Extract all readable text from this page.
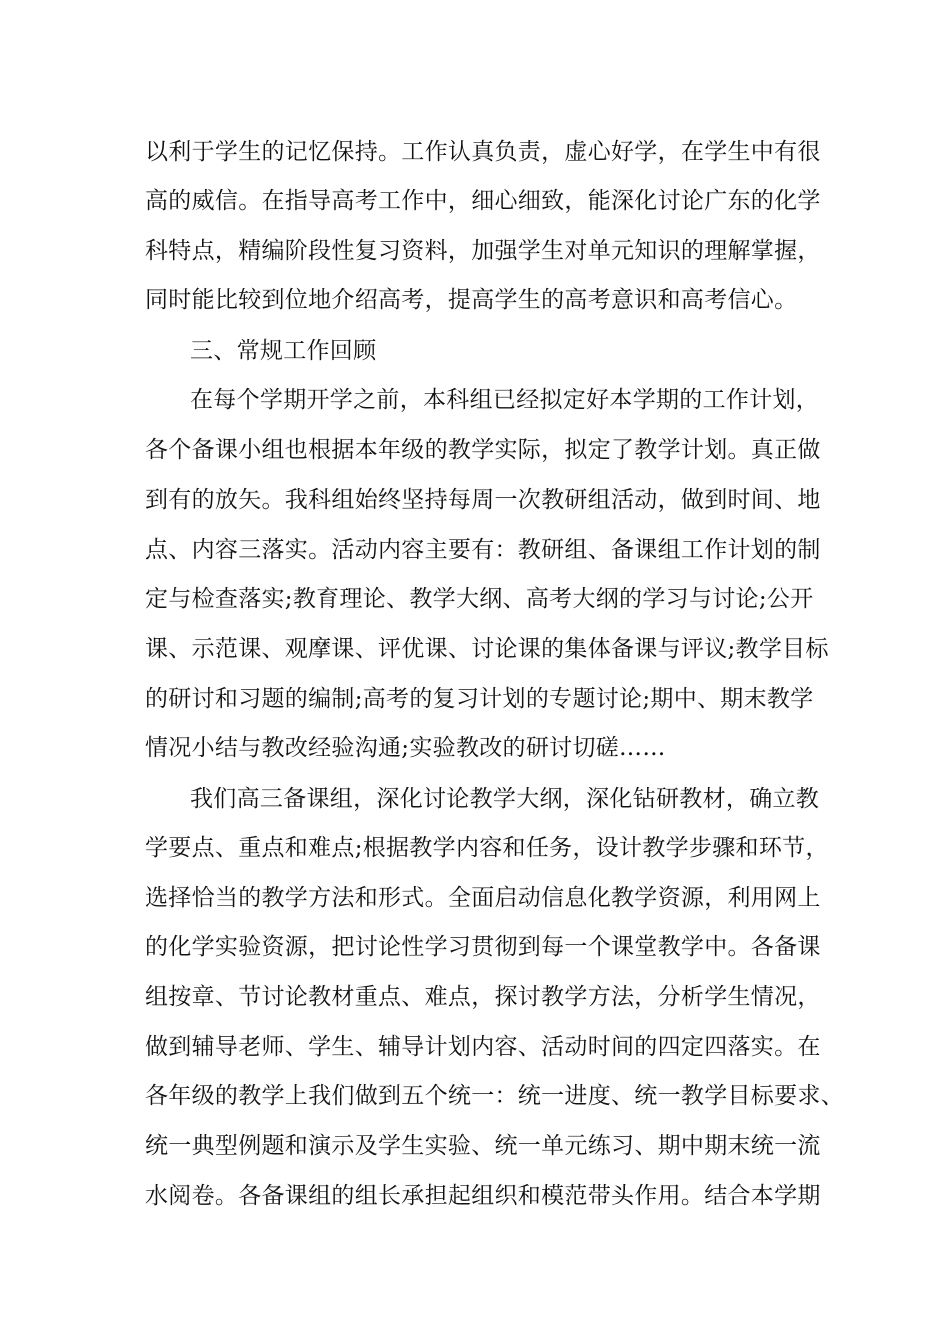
以利于学生的记忆保持。工作认真负责，虚心好学，在学生中有很
高的威信。在指导高考工作中，细心细致，能深化讨论广东的化学
科特点，精编阶段性复习资料，加强学生对单元知识的理解掌握，
同时能比较到位地介绍高考，提高学生的高考意识和高考信心。
三、常规工作回顾
在每个学期开学之前，本科组已经拟定好本学期的工作计划，
各个备课小组也根据本年级的教学实际，拟定了教学计划。真正做
到有的放矢。我科组始终坚持每周一次教研组活动，做到时间、地
点、内容三落实。活动内容主要有：教研组、备课组工作计划的制
定与检查落实;教育理论、教学大纲、高考大纲的学习与讨论;公开
课、示范课、观摩课、评优课、讨论课的集体备课与评议;教学目标
的研讨和习题的编制;高考的复习计划的专题讨论;期中、期末教学
情况小结与教改经验沟通;实验教改的研讨切磋……
我们高三备课组，深化讨论教学大纲，深化钻研教材，确立教
学要点、重点和难点;根据教学内容和任务，设计教学步骤和环节，
选择恰当的教学方法和形式。全面启动信息化教学资源，利用网上
的化学实验资源，把讨论性学习贯彻到每一个课堂教学中。各备课
组按章、节讨论教材重点、难点，探讨教学方法，分析学生情况，
做到辅导老师、学生、辅导计划内容、活动时间的四定四落实。在
各年级的教学上我们做到五个统一：统一进度、统一教学目标要求、
统一典型例题和演示及学生实验、统一单元练习、期中期末统一流
水阅卷。各备课组的组长承担起组织和模范带头作用。结合本学期
